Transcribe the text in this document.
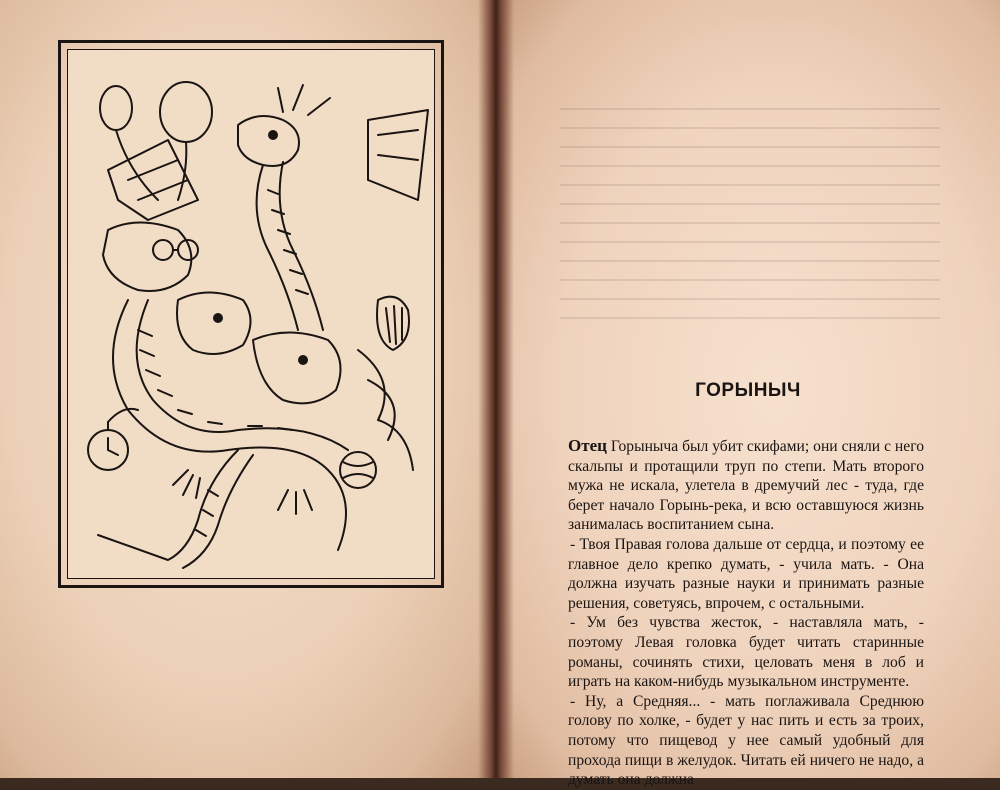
ГОРЫНЫЧ

Отец Горыныча был убит скифами; они сняли с него скальпы и протащили труп по степи. Мать второго мужа не искала, улетела в дремучий лес - туда, где берет начало Горынь-река, и всю оставшуюся жизнь занималась воспитанием сына.

- Твоя Правая голова дальше от сердца, и поэтому ее главное дело крепко думать, - учила мать. - Она должна изучать разные науки и принимать разные решения, советуясь, впрочем, с остальными.

- Ум без чувства жесток, - наставляла мать, - поэтому Левая головка будет читать старинные романы, сочинять стихи, целовать меня в лоб и играть на каком-нибудь музыкальном инструменте.

- Ну, а Средняя... - мать поглаживала Среднюю голову по холке, - будет у нас пить и есть за троих, потому что пищевод у нее самый удобный для прохода пищи в желудок. Читать ей ничего не надо, а думать она должна
